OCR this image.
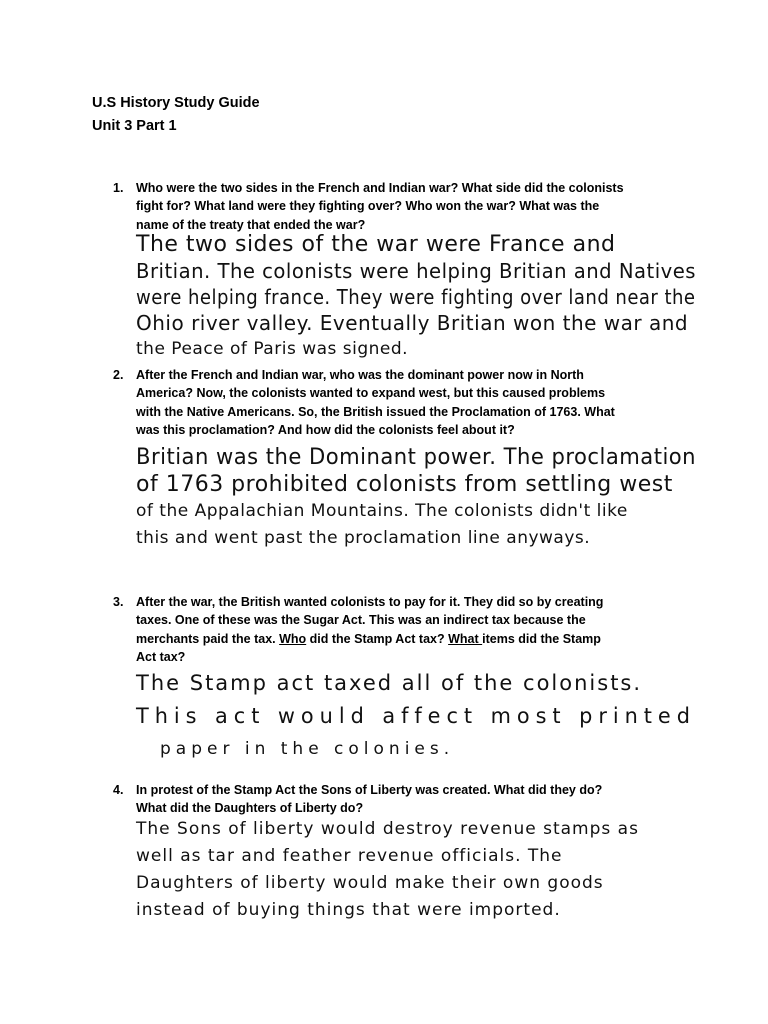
U.S History Study Guide
Unit 3 Part 1
1. Who were the two sides in the French and Indian war? What side did the colonists
fight for? What land were they fighting over? Who won the war? What was the
name of the treaty that ended the war?
The two sides of the war were France and
Britian. The colonists were helping Britian and Natives
were helping france. They were fighting over land near the
Ohio river valley. Eventually Britian won the war and
the Peace of Paris was signed.
2. After the French and Indian war, who was the dominant power now in North
America? Now, the colonists wanted to expand west, but this caused problems
with the Native Americans. So, the British issued the Proclamation of 1763. What
was this proclamation? And how did the colonists feel about it?
Britian was the Dominant power. The proclamation
of 1763 prohibited colonists from settling west
of the Appalachian Mountains. The colonists didn't like
this and went past the proclamation line anyways.
3. After the war, the British wanted colonists to pay for it. They did so by creating
taxes. One of these was the Sugar Act. This was an indirect tax because the
merchants paid the tax. Who did the Stamp Act tax? What items did the Stamp
Act tax?
The Stamp act taxed all of the colonists.
This act would affect most printed
paper in the colonies.
4. In protest of the Stamp Act the Sons of Liberty was created. What did they do?
What did the Daughters of Liberty do?
The Sons of liberty would destroy revenue stamps as
well as tar and feather revenue officials. The
Daughters of liberty would make their own goods
instead of buying things that were imported.
